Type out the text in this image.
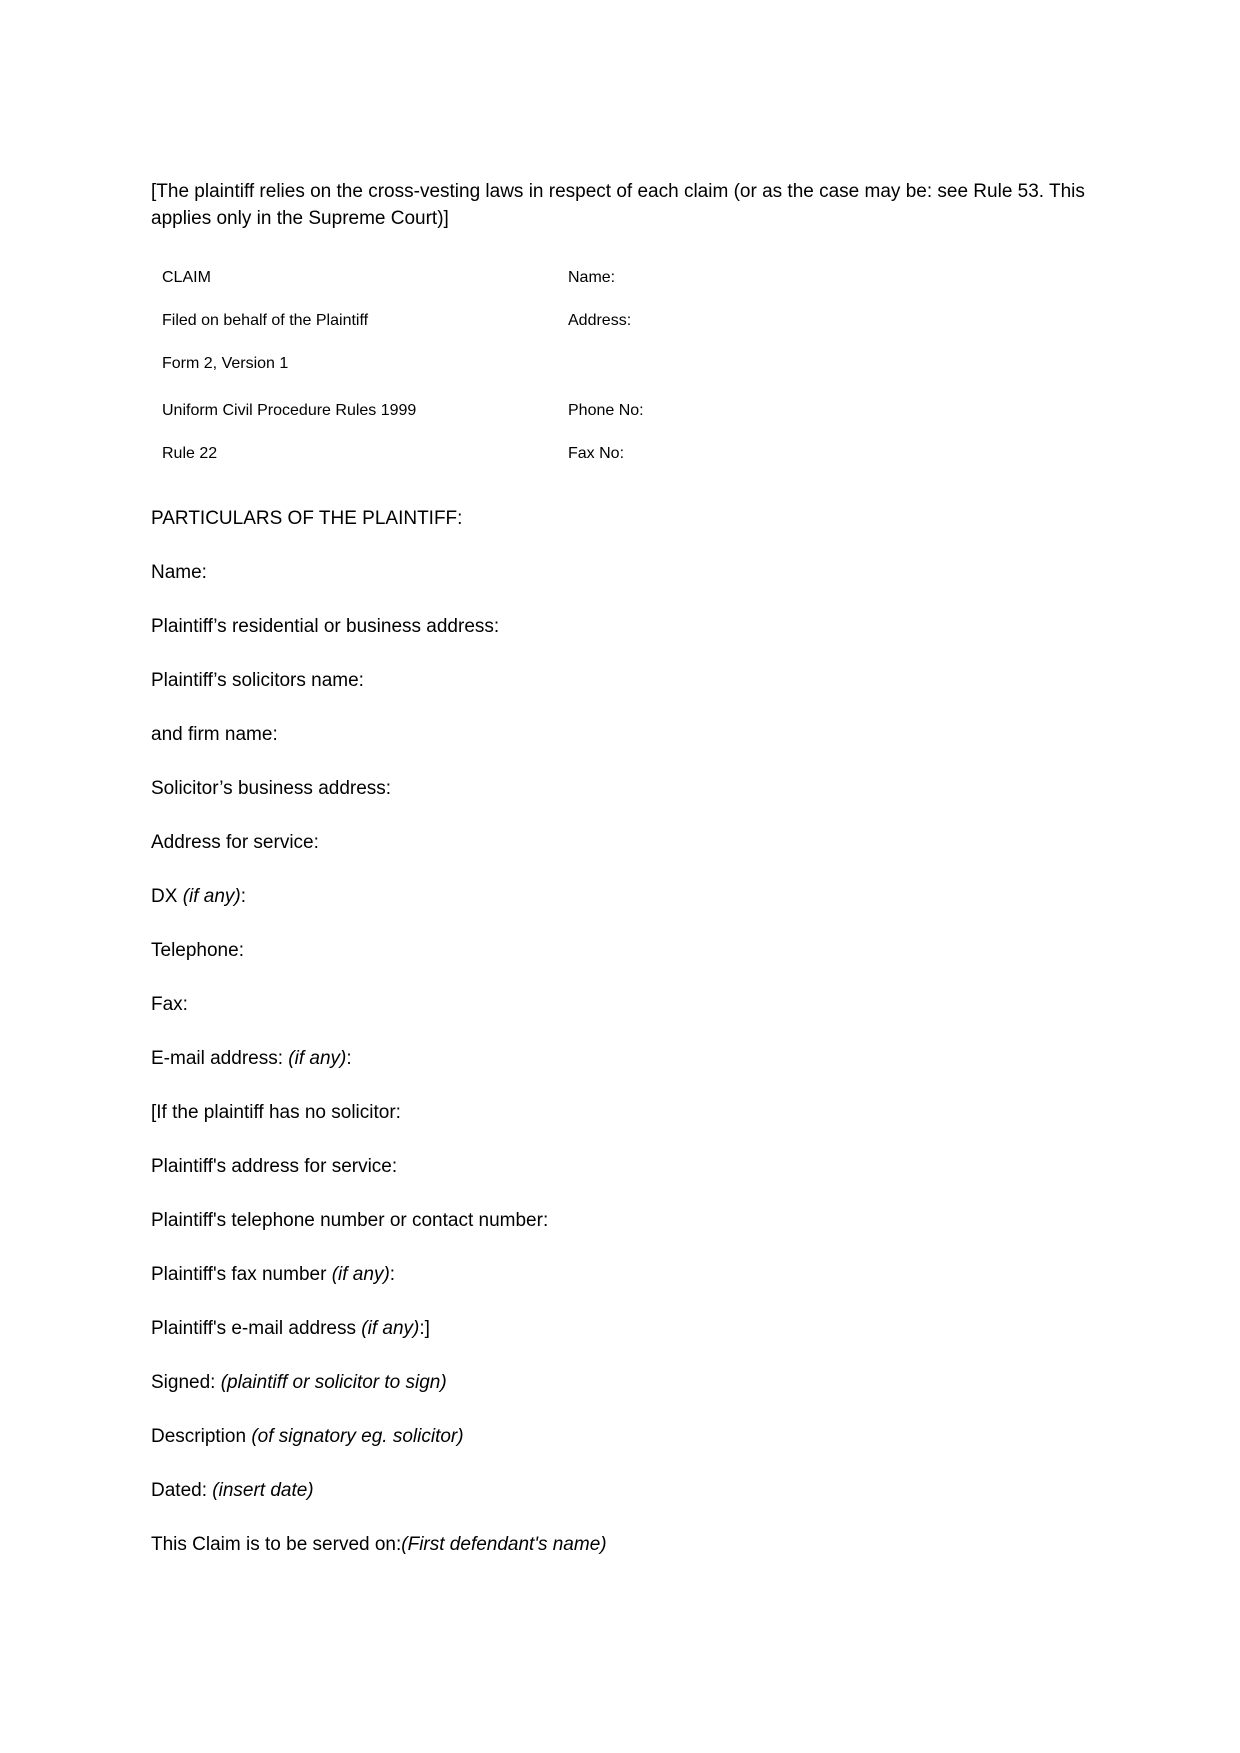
[The plaintiff relies on the cross-vesting laws in respect of each claim (or as the case may be: see Rule 53. This applies only in the Supreme Court)]

CLAIM
Filed on behalf of the Plaintiff
Form 2, Version 1
Uniform Civil Procedure Rules 1999
Rule 22
Name:
Address:
Phone No:
Fax No:

PARTICULARS OF THE PLAINTIFF:

Name:

Plaintiff’s residential or business address:

Plaintiff’s solicitors name:

and firm name:

Solicitor’s business address:

Address for service:

DX (if any):

Telephone:

Fax:

E-mail address: (if any):

[If the plaintiff has no solicitor:

Plaintiff's address for service:

Plaintiff's telephone number or contact number:

Plaintiff's fax number (if any):

Plaintiff's e-mail address (if any):]

Signed: (plaintiff or solicitor to sign)

Description (of signatory eg. solicitor)

Dated: (insert date)

This Claim is to be served on:(First defendant's name)
